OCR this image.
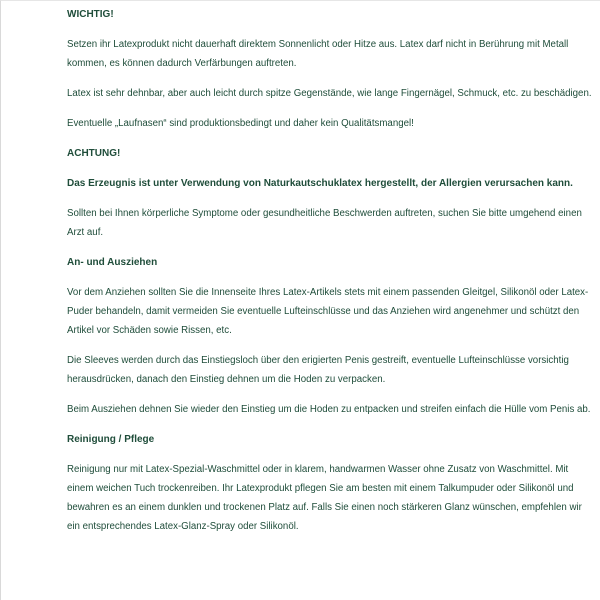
WICHTIG!

Setzen ihr Latexprodukt nicht dauerhaft direktem Sonnenlicht oder Hitze aus. Latex darf nicht in Berührung mit Metall kommen, es können dadurch Verfärbungen auftreten.

Latex ist sehr dehnbar, aber auch leicht durch spitze Gegenstände, wie lange Fingernägel, Schmuck, etc. zu beschädigen.

Eventuelle „Laufnasen“ sind produktionsbedingt und daher kein Qualitätsmangel!

ACHTUNG!

Das Erzeugnis ist unter Verwendung von Naturkautschuklatex hergestellt, der Allergien verursachen kann.

Sollten bei Ihnen körperliche Symptome oder gesundheitliche Beschwerden auftreten, suchen Sie bitte umgehend einen Arzt auf.

An- und Ausziehen

Vor dem Anziehen sollten Sie die Innenseite Ihres Latex-Artikels stets mit einem passenden Gleitgel, Silikonöl oder Latex-Puder behandeln, damit vermeiden Sie eventuelle Lufteinschlüsse und das Anziehen wird angenehmer und schützt den Artikel vor Schäden sowie Rissen, etc.

Die Sleeves werden durch das Einstiegsloch über den erigierten Penis gestreift, eventuelle Lufteinschlüsse vorsichtig herausdrücken, danach den Einstieg dehnen um die Hoden zu verpacken.

Beim Ausziehen dehnen Sie wieder den Einstieg um die Hoden zu entpacken und streifen einfach die Hülle vom Penis ab.

Reinigung / Pflege

Reinigung nur mit Latex-Spezial-Waschmittel oder in klarem, handwarmen Wasser ohne Zusatz von Waschmittel. Mit einem weichen Tuch trockenreiben. Ihr Latexprodukt pflegen Sie am besten mit einem Talkumpuder oder Silikonöl und bewahren es an einem dunklen und trockenen Platz auf. Falls Sie einen noch stärkeren Glanz wünschen, empfehlen wir ein entsprechendes Latex-Glanz-Spray oder Silikonöl.
